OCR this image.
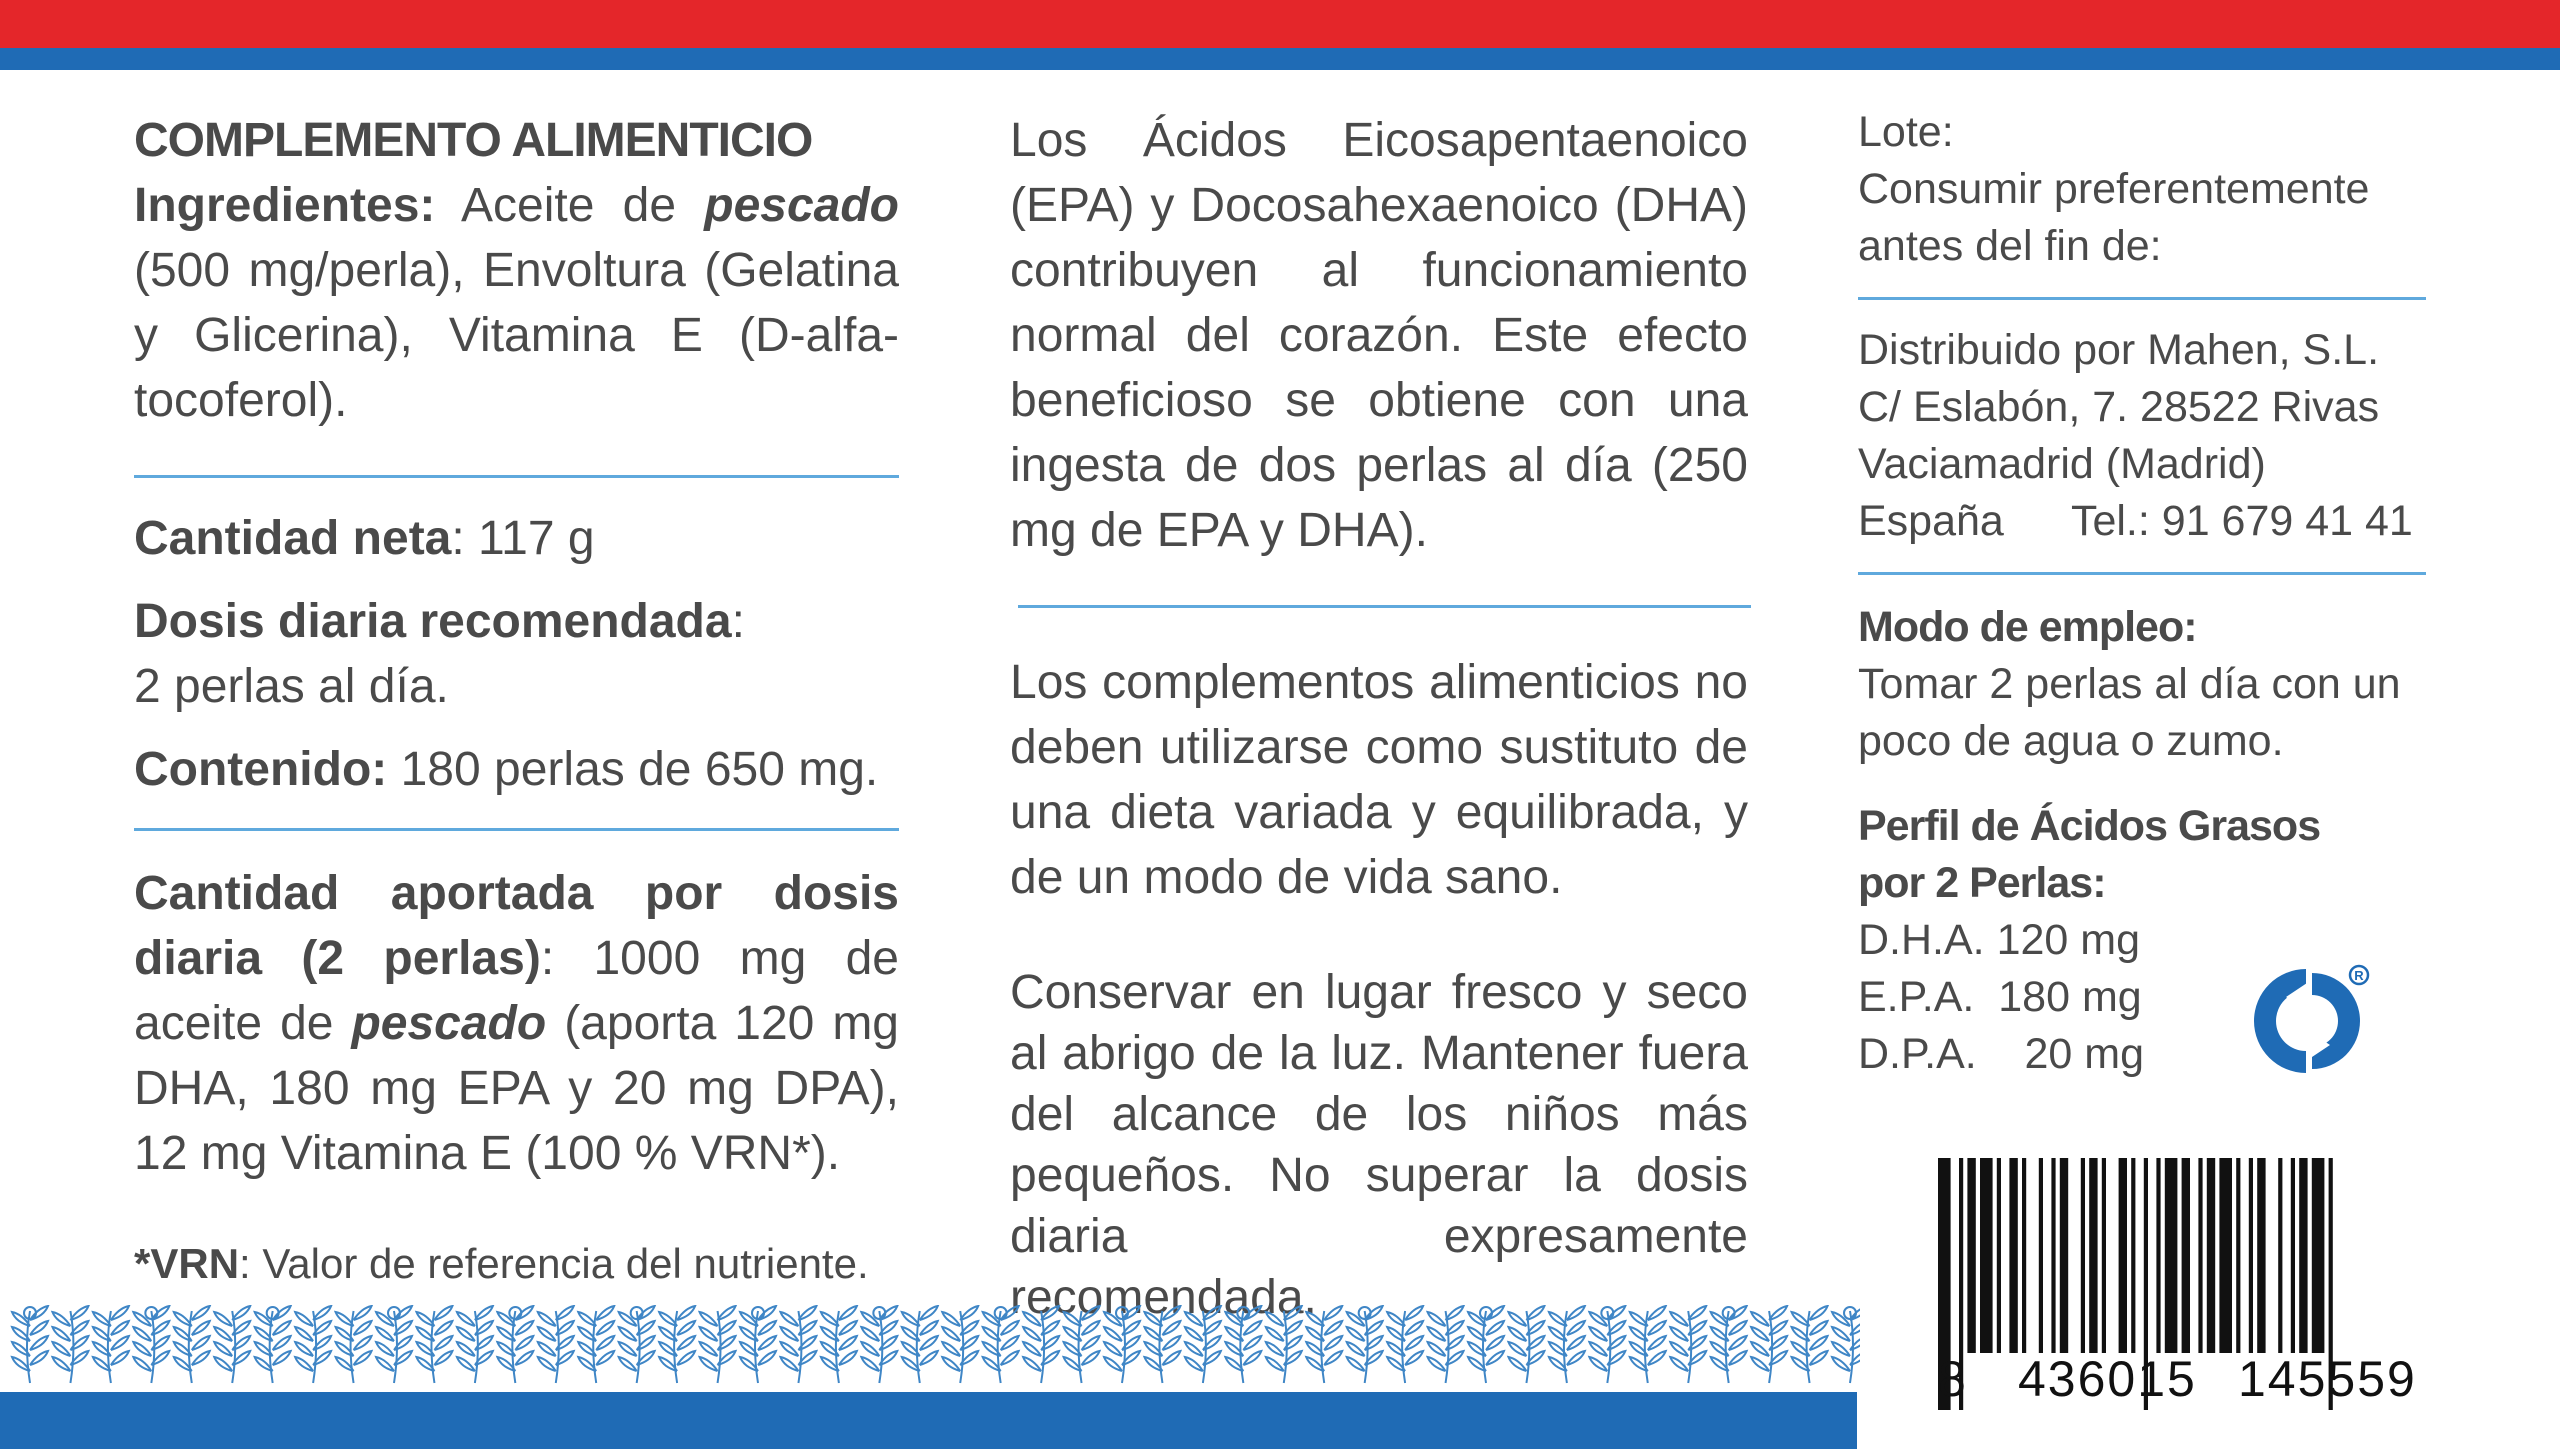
COMPLEMENTO ALIMENTICIO

Ingredientes: Aceite de pescado (500 mg/perla), Envoltura (Gelatina y Glicerina), Vitamina E (D-alfa-tocoferol).

Cantidad neta: 117 g

Dosis diaria recomendada:
2 perlas al día.

Contenido: 180 perlas de 650 mg.

Cantidad aportada por dosis diaria (2 perlas): 1000 mg de aceite de pescado (aporta 120 mg DHA, 180 mg EPA y 20 mg DPA), 12 mg Vitamina E (100 % VRN*).

*VRN: Valor de referencia del nutriente.

Los Ácidos Eicosapentaenoico (EPA) y Docosahexaenoico (DHA) contribuyen al funcionamiento normal del corazón. Este efecto beneficioso se obtiene con una ingesta de dos perlas al día (250 mg de EPA y DHA).

Los complementos alimenticios no deben utilizarse como sustituto de una dieta variada y equilibrada, y de un modo de vida sano.

Conservar en lugar fresco y seco al abrigo de la luz. Mantener fuera del alcance de los niños más pequeños. No superar la dosis diaria expresamente recomendada.

Lote:

Consumir preferentemente antes del fin de:

Distribuido por Mahen, S.L.

C/ Eslabón, 7. 28522 Rivas

Vaciamadrid (Madrid)

España Tel.: 91 679 41 41

Modo de empleo:
Tomar 2 perlas al día con un poco de agua o zumo.

Perfil de Ácidos Grasos

por 2 Perlas:

D.H.A. 120 mg

E.P.A. 180 mg

D.P.A. 20 mg

R
8 436015 145559
